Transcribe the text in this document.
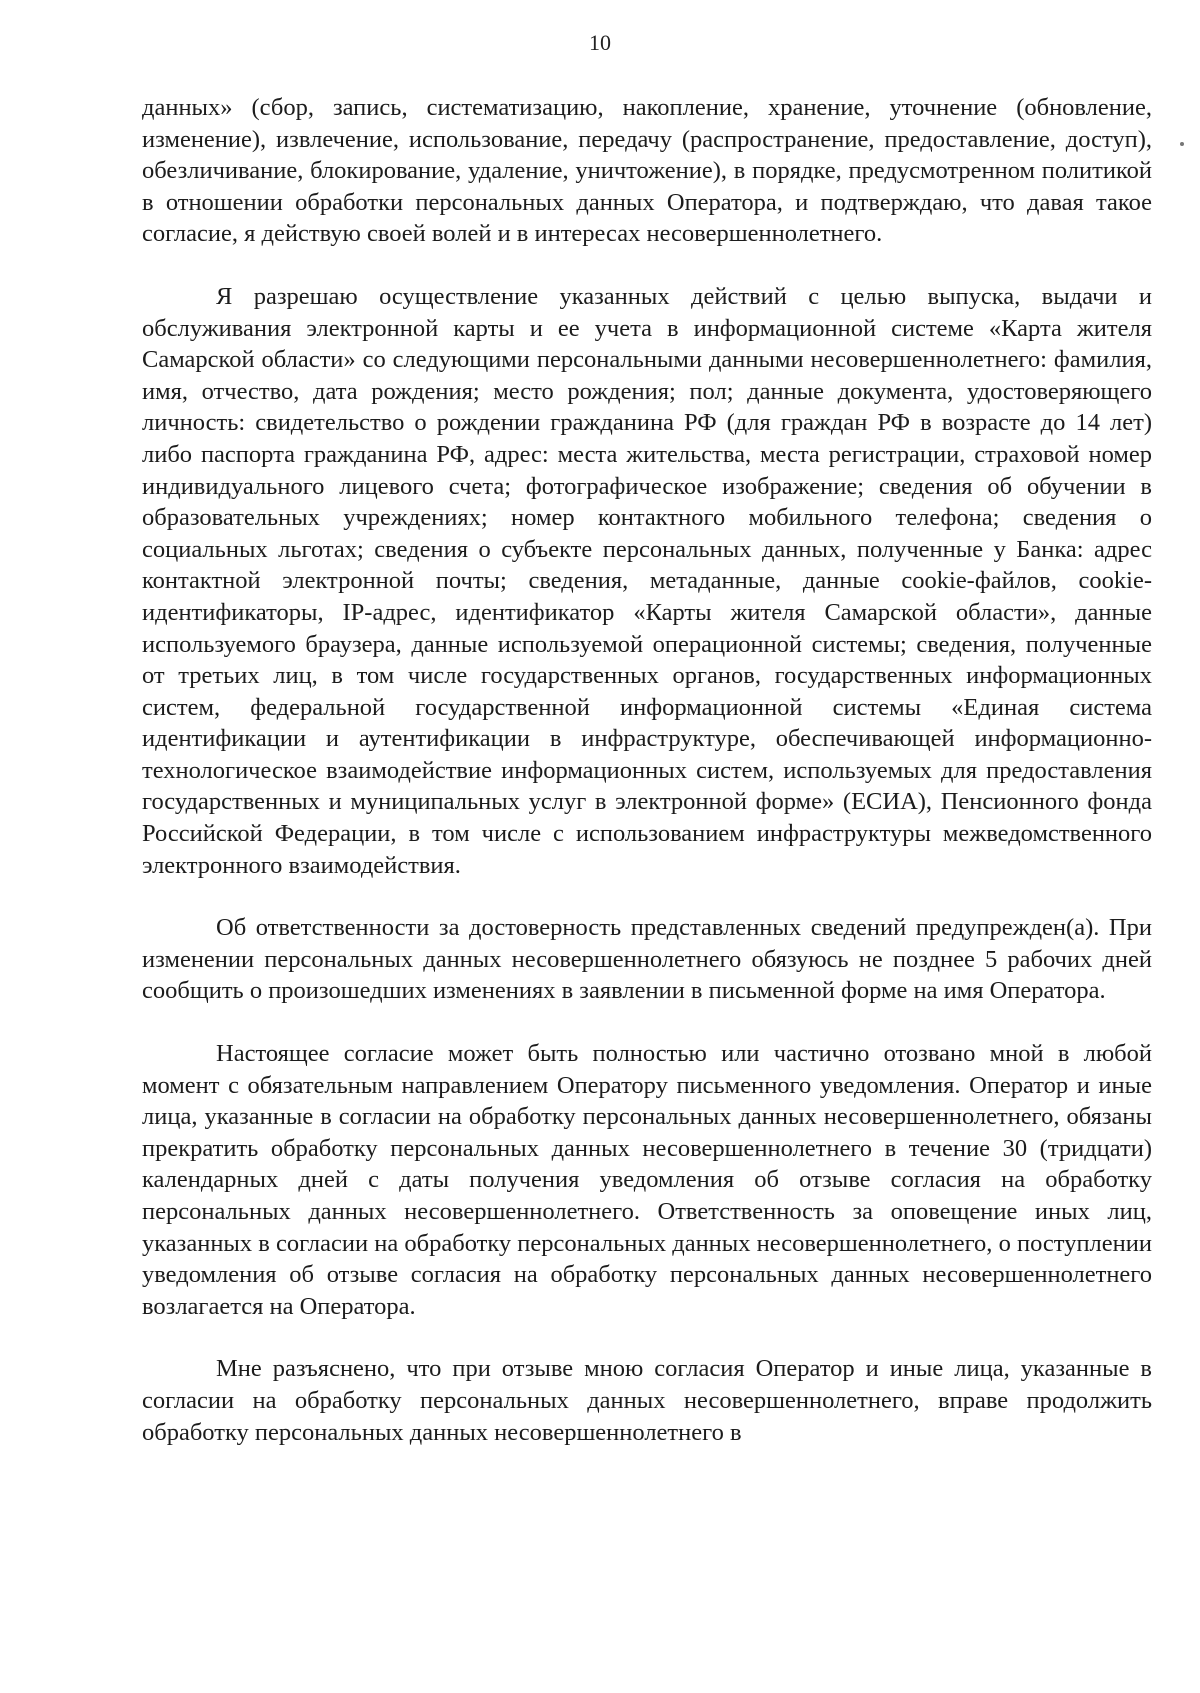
10

данных» (сбор, запись, систематизацию, накопление, хранение, уточнение (обновление, изменение), извлечение, использование, передачу (распространение, предоставление, доступ), обезличивание, блокирование, удаление, уничтожение), в порядке, предусмотренном политикой в отношении обработки персональных данных Оператора, и подтверждаю, что давая такое согласие, я действую своей волей и в интересах несовершеннолетнего.

Я разрешаю осуществление указанных действий с целью выпуска, выдачи и обслуживания электронной карты и ее учета в информационной системе «Карта жителя Самарской области» со следующими персональными данными несовершеннолетнего: фамилия, имя, отчество, дата рождения; место рождения; пол; данные документа, удостоверяющего личность: свидетельство о рождении гражданина РФ (для граждан РФ в возрасте до 14 лет) либо паспорта гражданина РФ, адрес: места жительства, места регистрации, страховой номер индивидуального лицевого счета; фотографическое изображение; сведения об обучении в образовательных учреждениях; номер контактного мобильного телефона; сведения о социальных льготах; сведения о субъекте персональных данных, полученные у Банка: адрес контактной электронной почты; сведения, метаданные, данные cookie-файлов, cookie-идентификаторы, IP-адрес, идентификатор «Карты жителя Самарской области», данные используемого браузера, данные используемой операционной системы; сведения, полученные от третьих лиц, в том числе государственных органов, государственных информационных систем, федеральной государственной информационной системы «Единая система идентификации и аутентификации в инфраструктуре, обеспечивающей информационно-технологическое взаимодействие информационных систем, используемых для предоставления государственных и муниципальных услуг в электронной форме» (ЕСИА), Пенсионного фонда Российской Федерации, в том числе с использованием инфраструктуры межведомственного электронного взаимодействия.

Об ответственности за достоверность представленных сведений предупрежден(а). При изменении персональных данных несовершеннолетнего обязуюсь не позднее 5 рабочих дней сообщить о произошедших изменениях в заявлении в письменной форме на имя Оператора.

Настоящее согласие может быть полностью или частично отозвано мной в любой момент с обязательным направлением Оператору письменного уведомления. Оператор и иные лица, указанные в согласии на обработку персональных данных несовершеннолетнего, обязаны прекратить обработку персональных данных несовершеннолетнего в течение 30 (тридцати) календарных дней с даты получения уведомления об отзыве согласия на обработку персональных данных несовершеннолетнего. Ответственность за оповещение иных лиц, указанных в согласии на обработку персональных данных несовершеннолетнего, о поступлении уведомления об отзыве согласия на обработку персональных данных несовершеннолетнего возлагается на Оператора.

Мне разъяснено, что при отзыве мною согласия Оператор и иные лица, указанные в согласии на обработку персональных данных несовершеннолетнего, вправе продолжить обработку персональных данных несовершеннолетнего в
